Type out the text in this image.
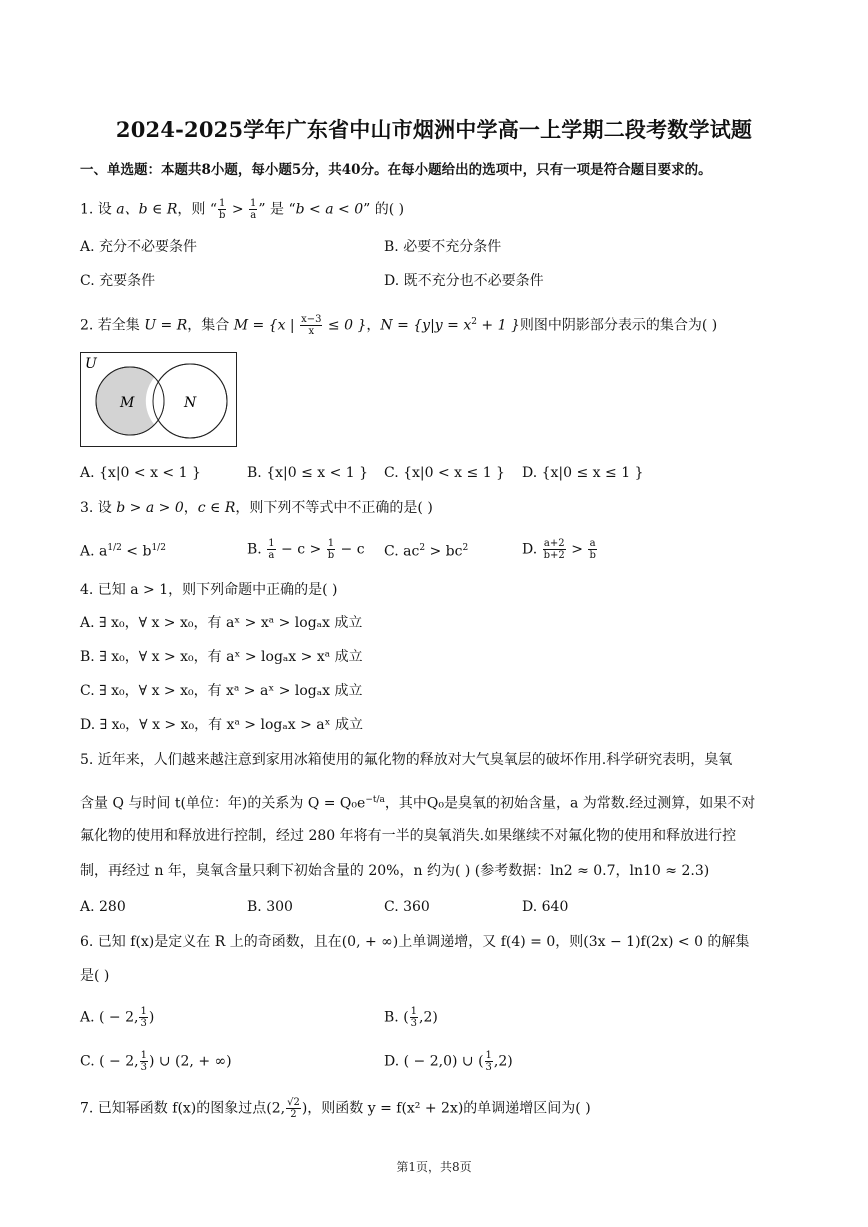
2024-2025学年广东省中山市烟洲中学高一上学期二段考数学试题
一、单选题：本题共8小题，每小题5分，共40分。在每小题给出的选项中，只有一项是符合题目要求的。
1. 设 a、b ∈ R，则 “ $\frac{1}{b} > \frac{1}{a}$ ” 是 “b < a < 0” 的( )
A. 充分不必要条件	B. 必要不充分条件
C. 充要条件	D. 既不充分也不必要条件
2. 若全集 U = R，集合 M = {x | $\frac{x-3}{x} \le 0$ }，$N = \{y|y = x^2 + 1$ }则图中阴影部分表示的集合为( )
U
M	N
A. {x|0 < x < 1 }	B. {x|0 ≤ x < 1 } C. {x|0 < x ≤ 1 } D. {x|0 ≤ x ≤ 1 }
3. 设 b > a > 0，c ∈ R，则下列不等式中不正确的是( )
A. $a^{1/2} < b^{1/2}$	B. $\frac{1}{a} - c > \frac{1}{b} - c$ C. $ac^2 > bc^2$	D. $\frac{a+2}{b+2} > \frac{a}{b}$
4. 已知 a > 1，则下列命题中正确的是( )
A. ∃ x₀，∀ x > x₀，有 aˣ > xᵃ > logₐx 成立
B. ∃ x₀，∀ x > x₀，有 aˣ > logₐx > xᵃ 成立
C. ∃ x₀，∀ x > x₀，有 xᵃ > aˣ > logₐx 成立
D. ∃ x₀，∀ x > x₀，有 xᵃ > logₐx > aˣ 成立
5. 近年来，人们越来越注意到家用冰箱使用的氟化物的释放对大气臭氧层的破坏作用.科学研究表明，臭氧
含量 Q 与时间 t(单位：年)的关系为 $Q = Q_0e^{-t/a}$，其中Q₀是臭氧的初始含量，a 为常数.经过测算，如果不对
氟化物的使用和释放进行控制，经过 280 年将有一半的臭氧消失.如果继续不对氟化物的使用和释放进行控
制，再经过 n 年，臭氧含量只剩下初始含量的 20%，n 约为( ) (参考数据：ln2 ≈ 0.7，ln10 ≈ 2.3)
A. 280	B. 300	C. 360	D. 640
6. 已知 f(x)是定义在 R 上的奇函数，且在(0, + ∞)上单调递增，又 f(4) = 0，则(3x − 1)f(2x) < 0 的解集
是( )
A. ( − 2, $\frac{1}{3}$ )	B. ( $\frac{1}{3} ,2$)
C. ( − 2, $\frac{1}{3}$ ) ∪ (2, + ∞)	D. ( − 2,0) ∪ ( $\frac{1}{3} ,2$)
7. 已知幂函数 f(x)的图象过点(2, $\frac{√2}{2}$ )，则函数 y = f(x² + 2x)的单调递增区间为( )
第1页，共8页
